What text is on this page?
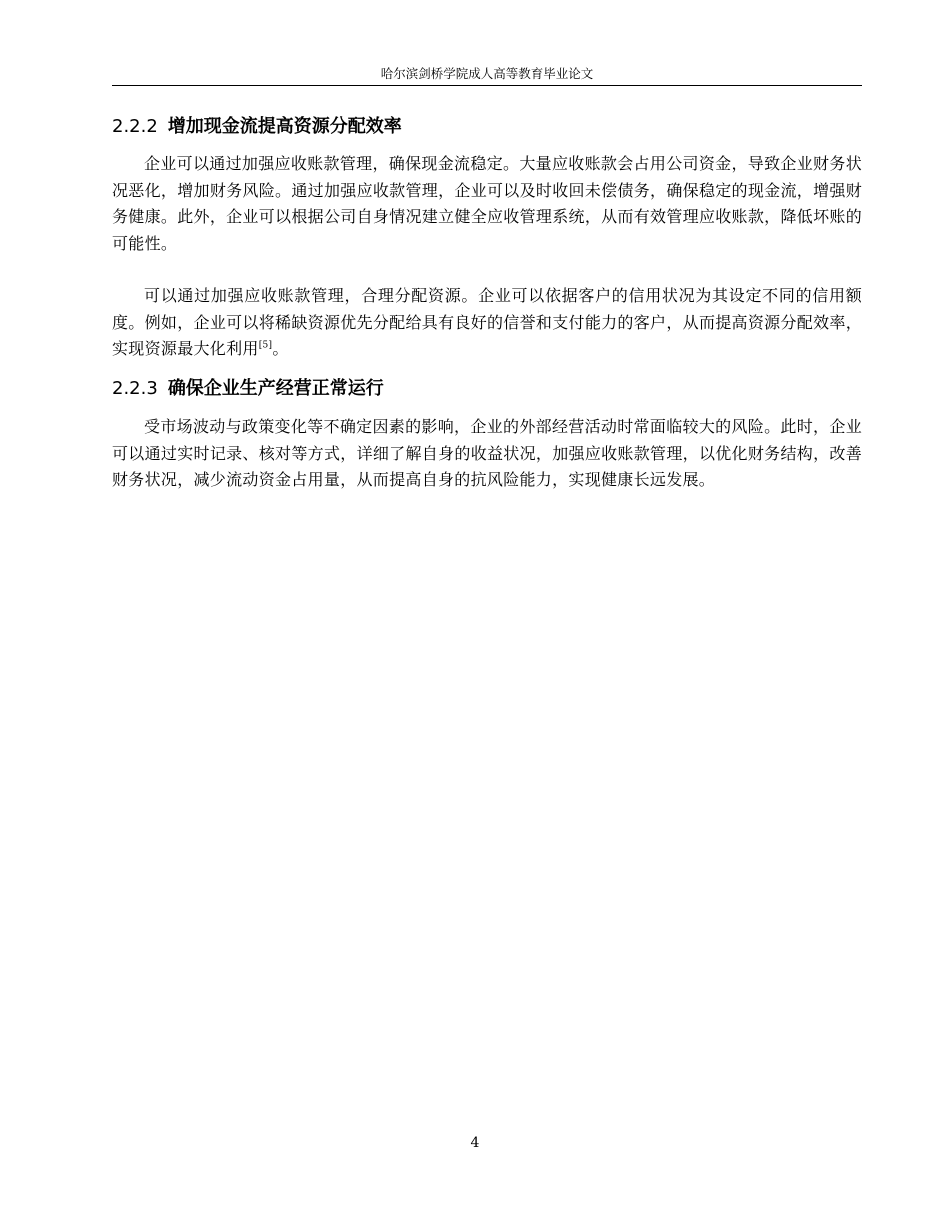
哈尔滨剑桥学院成人高等教育毕业论文
2.2.2 增加现金流提高资源分配效率

企业可以通过加强应收账款管理，确保现金流稳定。大量应收账款会占用公司资金，导致企业财务状况恶化，增加财务风险。通过加强应收款管理，企业可以及时收回未偿债务，确保稳定的现金流，增强财务健康。此外，企业可以根据公司自身情况建立健全应收管理系统，从而有效管理应收账款，降低坏账的可能性。

可以通过加强应收账款管理，合理分配资源。企业可以依据客户的信用状况为其设定不同的信用额度。例如，企业可以将稀缺资源优先分配给具有良好的信誉和支付能力的客户，从而提高资源分配效率，实现资源最大化利用[5]。

2.2.3 确保企业生产经营正常运行

受市场波动与政策变化等不确定因素的影响，企业的外部经营活动时常面临较大的风险。此时，企业可以通过实时记录、核对等方式，详细了解自身的收益状况，加强应收账款管理，以优化财务结构，改善财务状况，减少流动资金占用量，从而提高自身的抗风险能力，实现健康长远发展。

4
